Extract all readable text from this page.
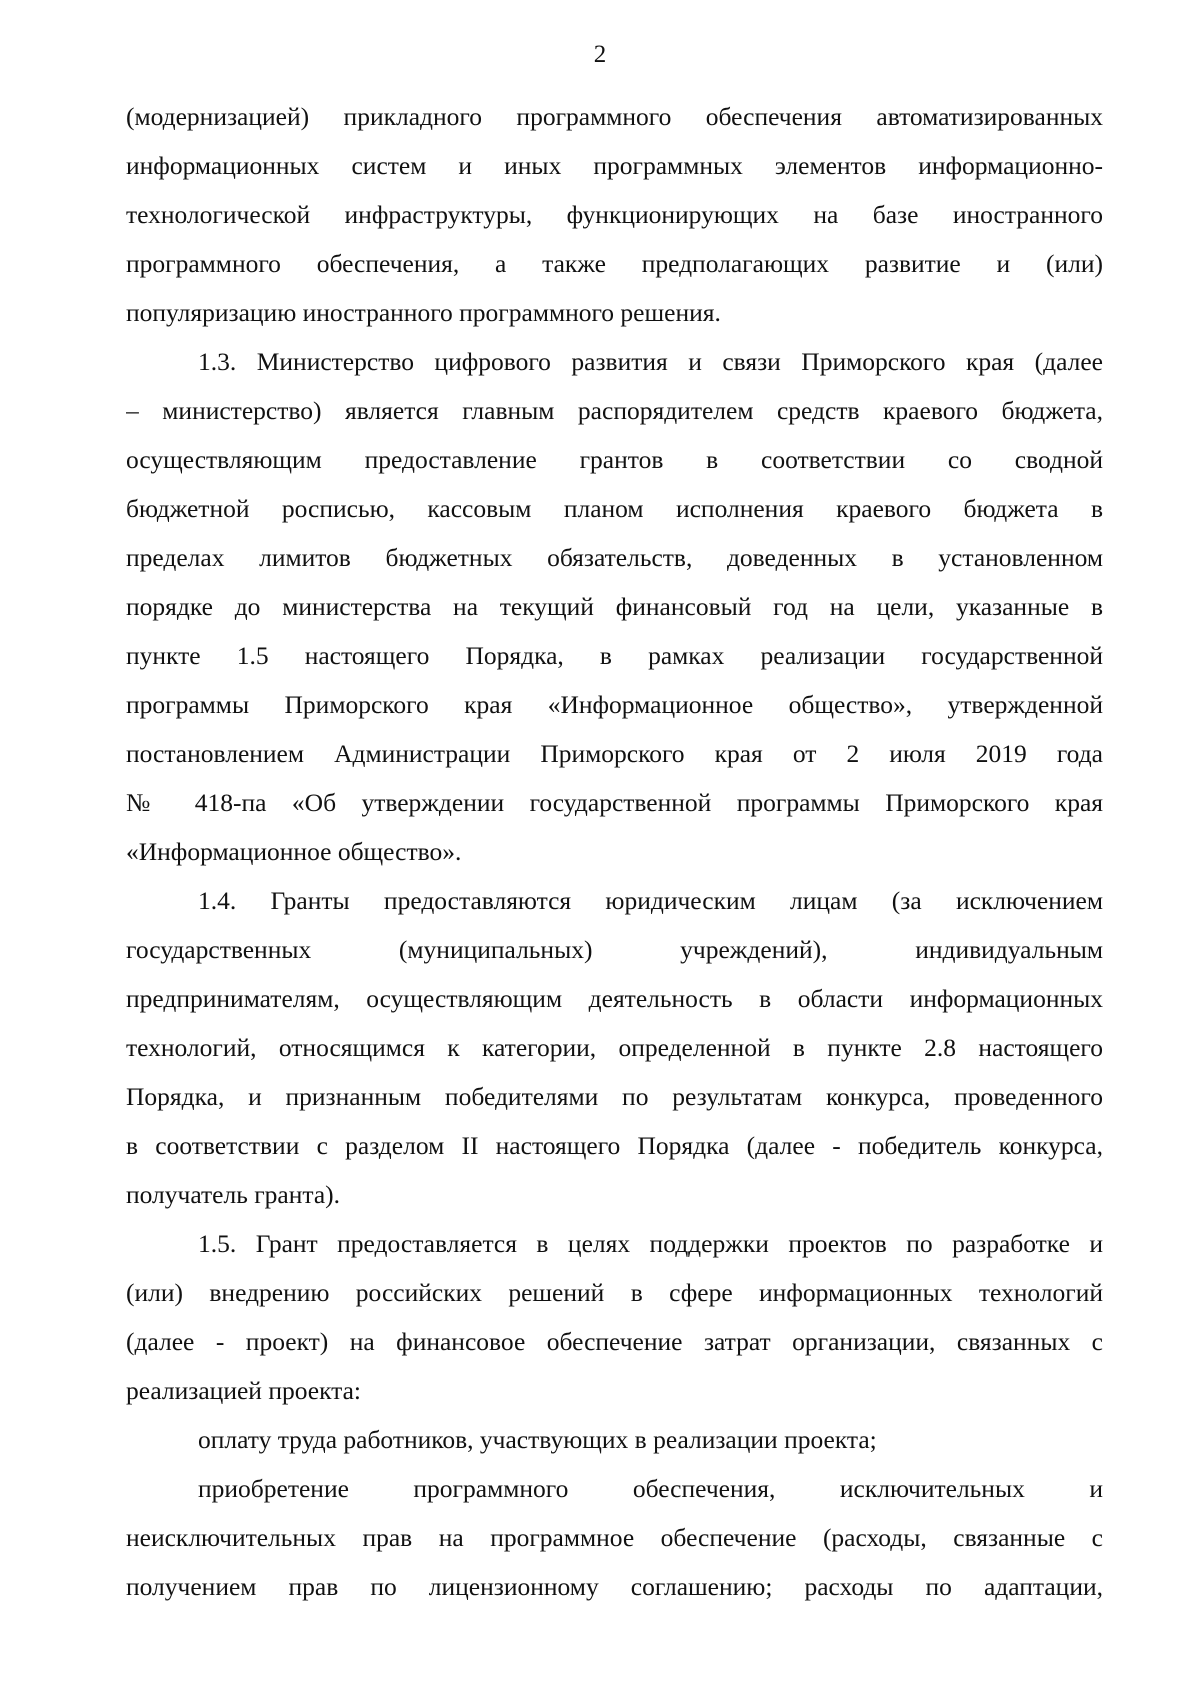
2
(модернизацией) прикладного программного обеспечения автоматизированных
информационных систем и иных программных элементов информационно-
технологической инфраструктуры, функционирующих на базе иностранного
программного обеспечения, а также предполагающих развитие и (или)
популяризацию иностранного программного решения.
1.3. Министерство цифрового развития и связи Приморского края (далее
– министерство) является главным распорядителем средств краевого бюджета,
осуществляющим предоставление грантов в соответствии со сводной
бюджетной росписью, кассовым планом исполнения краевого бюджета в
пределах лимитов бюджетных обязательств, доведенных в установленном
порядке до министерства на текущий финансовый год на цели, указанные в
пункте 1.5 настоящего Порядка, в рамках реализации государственной
программы Приморского края «Информационное общество», утвержденной
постановлением Администрации Приморского края от 2 июля 2019 года
№ 418-па «Об утверждении государственной программы Приморского края
«Информационное общество».
1.4. Гранты предоставляются юридическим лицам (за исключением
государственных (муниципальных) учреждений), индивидуальным
предпринимателям, осуществляющим деятельность в области информационных
технологий, относящимся к категории, определенной в пункте 2.8 настоящего
Порядка, и признанным победителями по результатам конкурса, проведенного
в соответствии с разделом II настоящего Порядка (далее - победитель конкурса,
получатель гранта).
1.5. Грант предоставляется в целях поддержки проектов по разработке и
(или) внедрению российских решений в сфере информационных технологий
(далее - проект) на финансовое обеспечение затрат организации, связанных с
реализацией проекта:
оплату труда работников, участвующих в реализации проекта;
приобретение программного обеспечения, исключительных и
неисключительных прав на программное обеспечение (расходы, связанные с
получением прав по лицензионному соглашению; расходы по адаптации,
